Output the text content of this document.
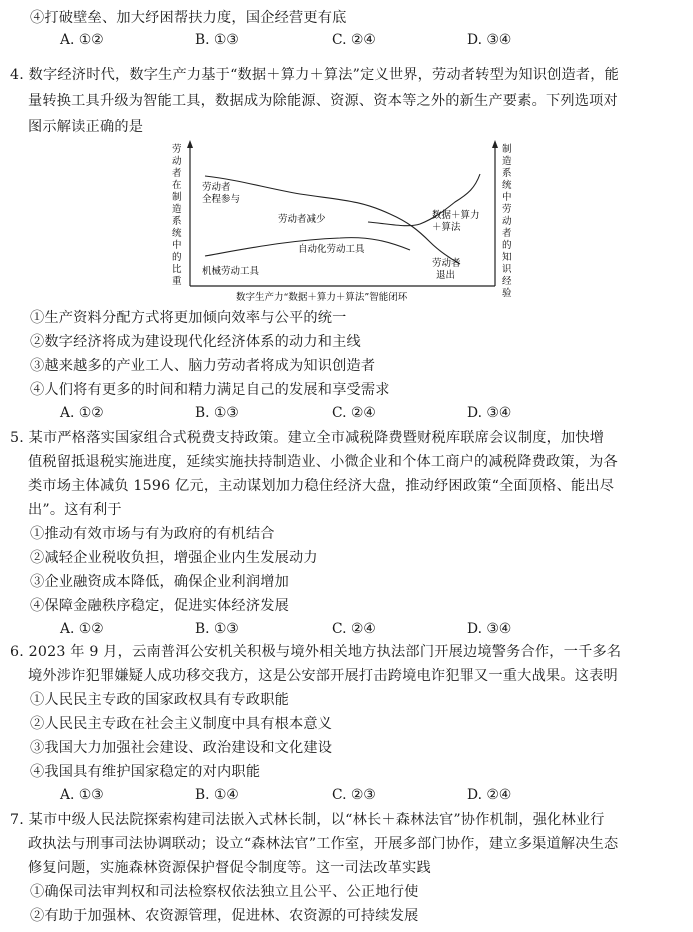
④打破壁垒、加大纾困帮扶力度，国企经营更有底
A. ①②	B. ①③	C. ②④	D. ③④
4. 数字经济时代，数字生产力基于“数据＋算力＋算法”定义世界，劳动者转型为知识创造者，能
量转换工具升级为智能工具，数据成为除能源、资源、资本等之外的新生产要素。下列选项对
图示解读正确的是
劳
动
者
在
制
造
系
统
中
的
比
重
制
造
系
统
中
劳
动
者
的
知
识
经
验
劳动者
全程参与
劳动者减少
自动化劳动工具
机械劳动工具
数据＋算力
＋算法
劳动者
退出
数字生产力“数据＋算力＋算法”智能闭环
①生产资料分配方式将更加倾向效率与公平的统一
②数字经济将成为建设现代化经济体系的动力和主线
③越来越多的产业工人、脑力劳动者将成为知识创造者
④人们将有更多的时间和精力满足自己的发展和享受需求
A. ①②	B. ①③	C. ②④	D. ③④
5. 某市严格落实国家组合式税费支持政策。建立全市减税降费暨财税库联席会议制度，加快增
值税留抵退税实施进度，延续实施扶持制造业、小微企业和个体工商户的减税降费政策，为各
类市场主体减负 1596 亿元，主动谋划加力稳住经济大盘，推动纾困政策“全面顶格、能出尽
出”。这有利于
①推动有效市场与有为政府的有机结合
②减轻企业税收负担，增强企业内生发展动力
③企业融资成本降低，确保企业利润增加
④保障金融秩序稳定，促进实体经济发展
A. ①②	B. ①③	C. ②④	D. ③④
6. 2023 年 9 月，云南普洱公安机关积极与境外相关地方执法部门开展边境警务合作，一千多名
境外涉诈犯罪嫌疑人成功移交我方，这是公安部开展打击跨境电诈犯罪又一重大战果。这表明
①人民民主专政的国家政权具有专政职能
②人民民主专政在社会主义制度中具有根本意义
③我国大力加强社会建设、政治建设和文化建设
④我国具有维护国家稳定的对内职能
A. ①③	B. ①④	C. ②③	D. ②④
7. 某市中级人民法院探索构建司法嵌入式林长制，以“林长＋森林法官”协作机制，强化林业行
政执法与刑事司法协调联动；设立“森林法官”工作室，开展多部门协作，建立多渠道解决生态
修复问题，实施森林资源保护督促令制度等。这一司法改革实践
①确保司法审判权和司法检察权依法独立且公平、公正地行使
②有助于加强林、农资源管理，促进林、农资源的可持续发展
